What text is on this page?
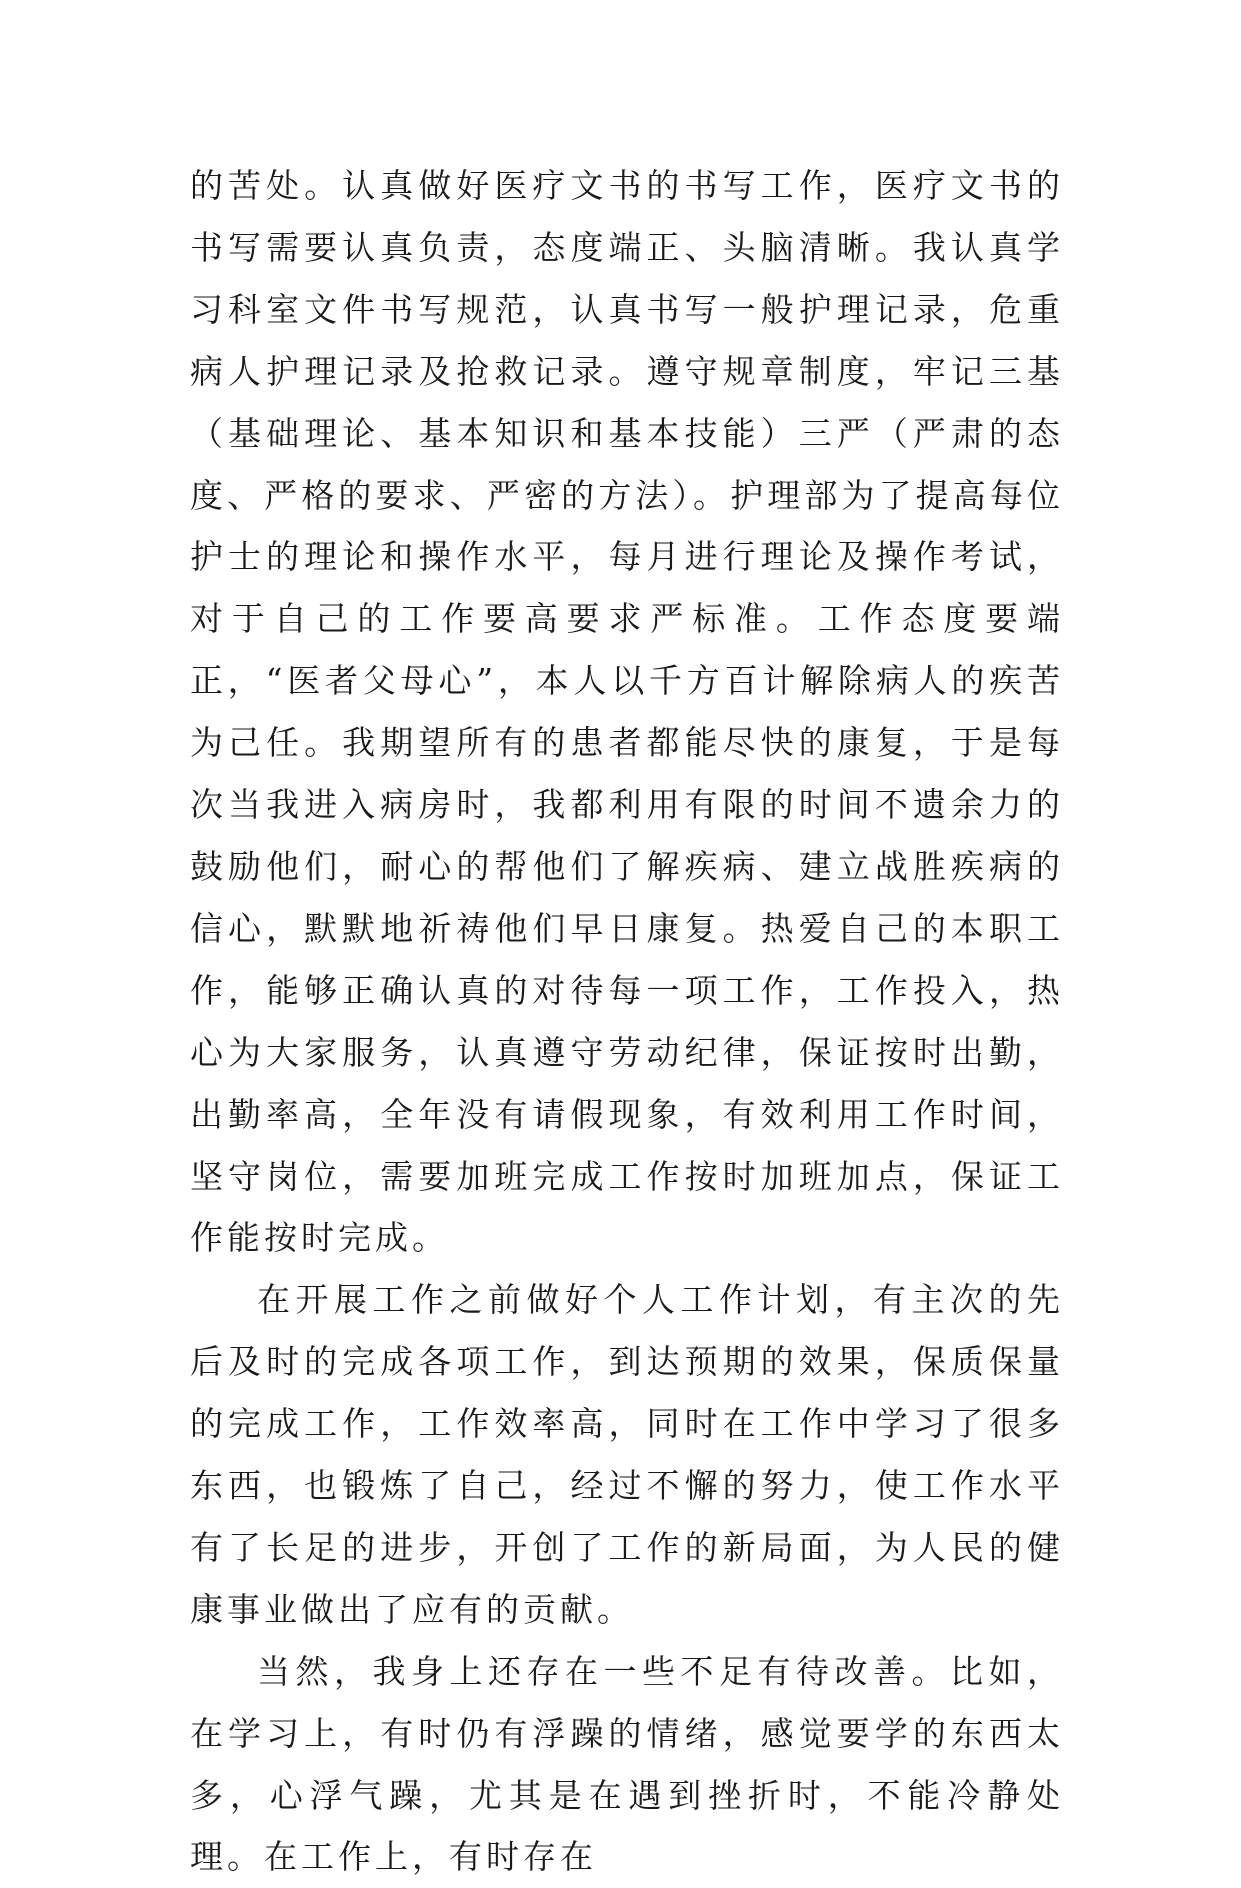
的苦处。认真做好医疗文书的书写工作，医疗文书的书写需要认真负责，态度端正、头脑清晰。我认真学习科室文件书写规范，认真书写一般护理记录，危重病人护理记录及抢救记录。遵守规章制度，牢记三基（基础理论、基本知识和基本技能）三严（严肃的态度、严格的要求、严密的方法）。护理部为了提高每位护士的理论和操作水平，每月进行理论及操作考试，对于自己的工作要高要求严标准。工作态度要端正，“医者父母心”，本人以千方百计解除病人的疾苦为己任。我期望所有的患者都能尽快的康复，于是每次当我进入病房时，我都利用有限的时间不遗余力的鼓励他们，耐心的帮他们了解疾病、建立战胜疾病的信心，默默地祈祷他们早日康复。热爱自己的本职工作，能够正确认真的对待每一项工作，工作投入，热心为大家服务，认真遵守劳动纪律，保证按时出勤，出勤率高，全年没有请假现象，有效利用工作时间，坚守岗位，需要加班完成工作按时加班加点，保证工作能按时完成。

在开展工作之前做好个人工作计划，有主次的先后及时的完成各项工作，到达预期的效果，保质保量的完成工作，工作效率高，同时在工作中学习了很多东西，也锻炼了自己，经过不懈的努力，使工作水平有了长足的进步，开创了工作的新局面，为人民的健康事业做出了应有的贡献。

当然，我身上还存在一些不足有待改善。比如，在学习上，有时仍有浮躁的情绪，感觉要学的东西太多，心浮气躁，尤其是在遇到挫折时，不能冷静处理。在工作上，有时存在
